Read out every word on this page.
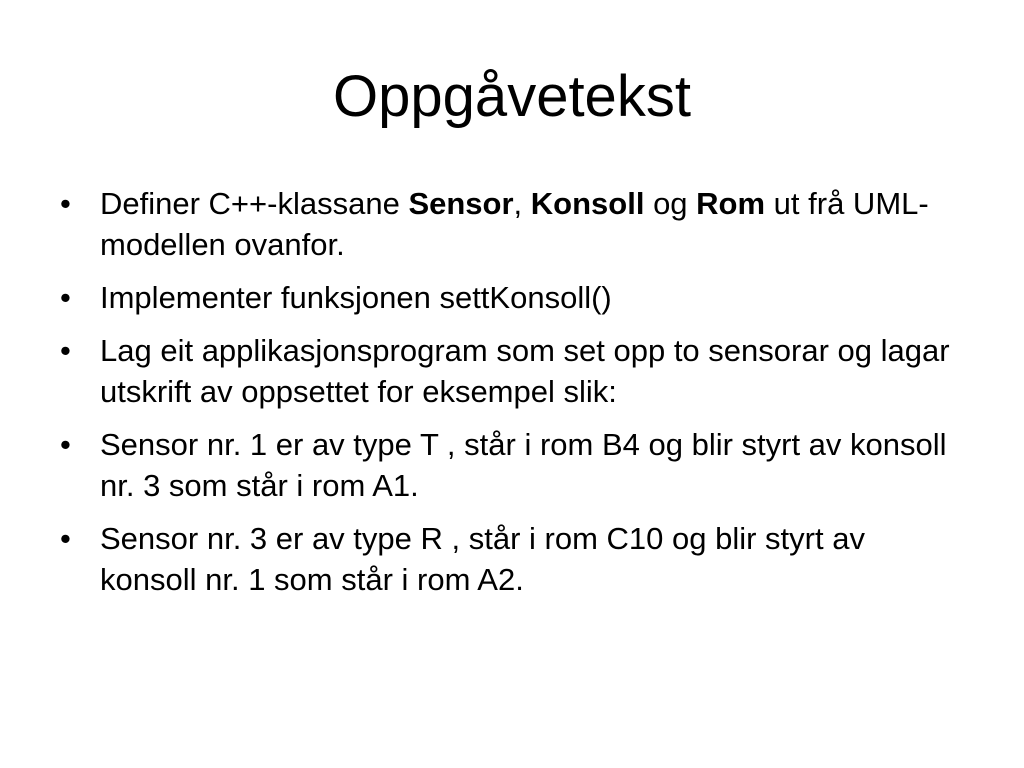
Oppgåvetekst
• Definer C++-klassane Sensor, Konsoll og Rom ut frå UML-modellen ovanfor.
• Implementer funksjonen settKonsoll()
• Lag eit applikasjonsprogram som set opp to sensorar og lagar utskrift av oppsettet for eksempel slik:
• Sensor nr. 1 er av type T , står i rom B4 og blir styrt av konsoll nr. 3 som står i rom A1.
• Sensor nr. 3 er av type R , står i rom C10 og blir styrt av konsoll nr. 1 som står i rom A2.
